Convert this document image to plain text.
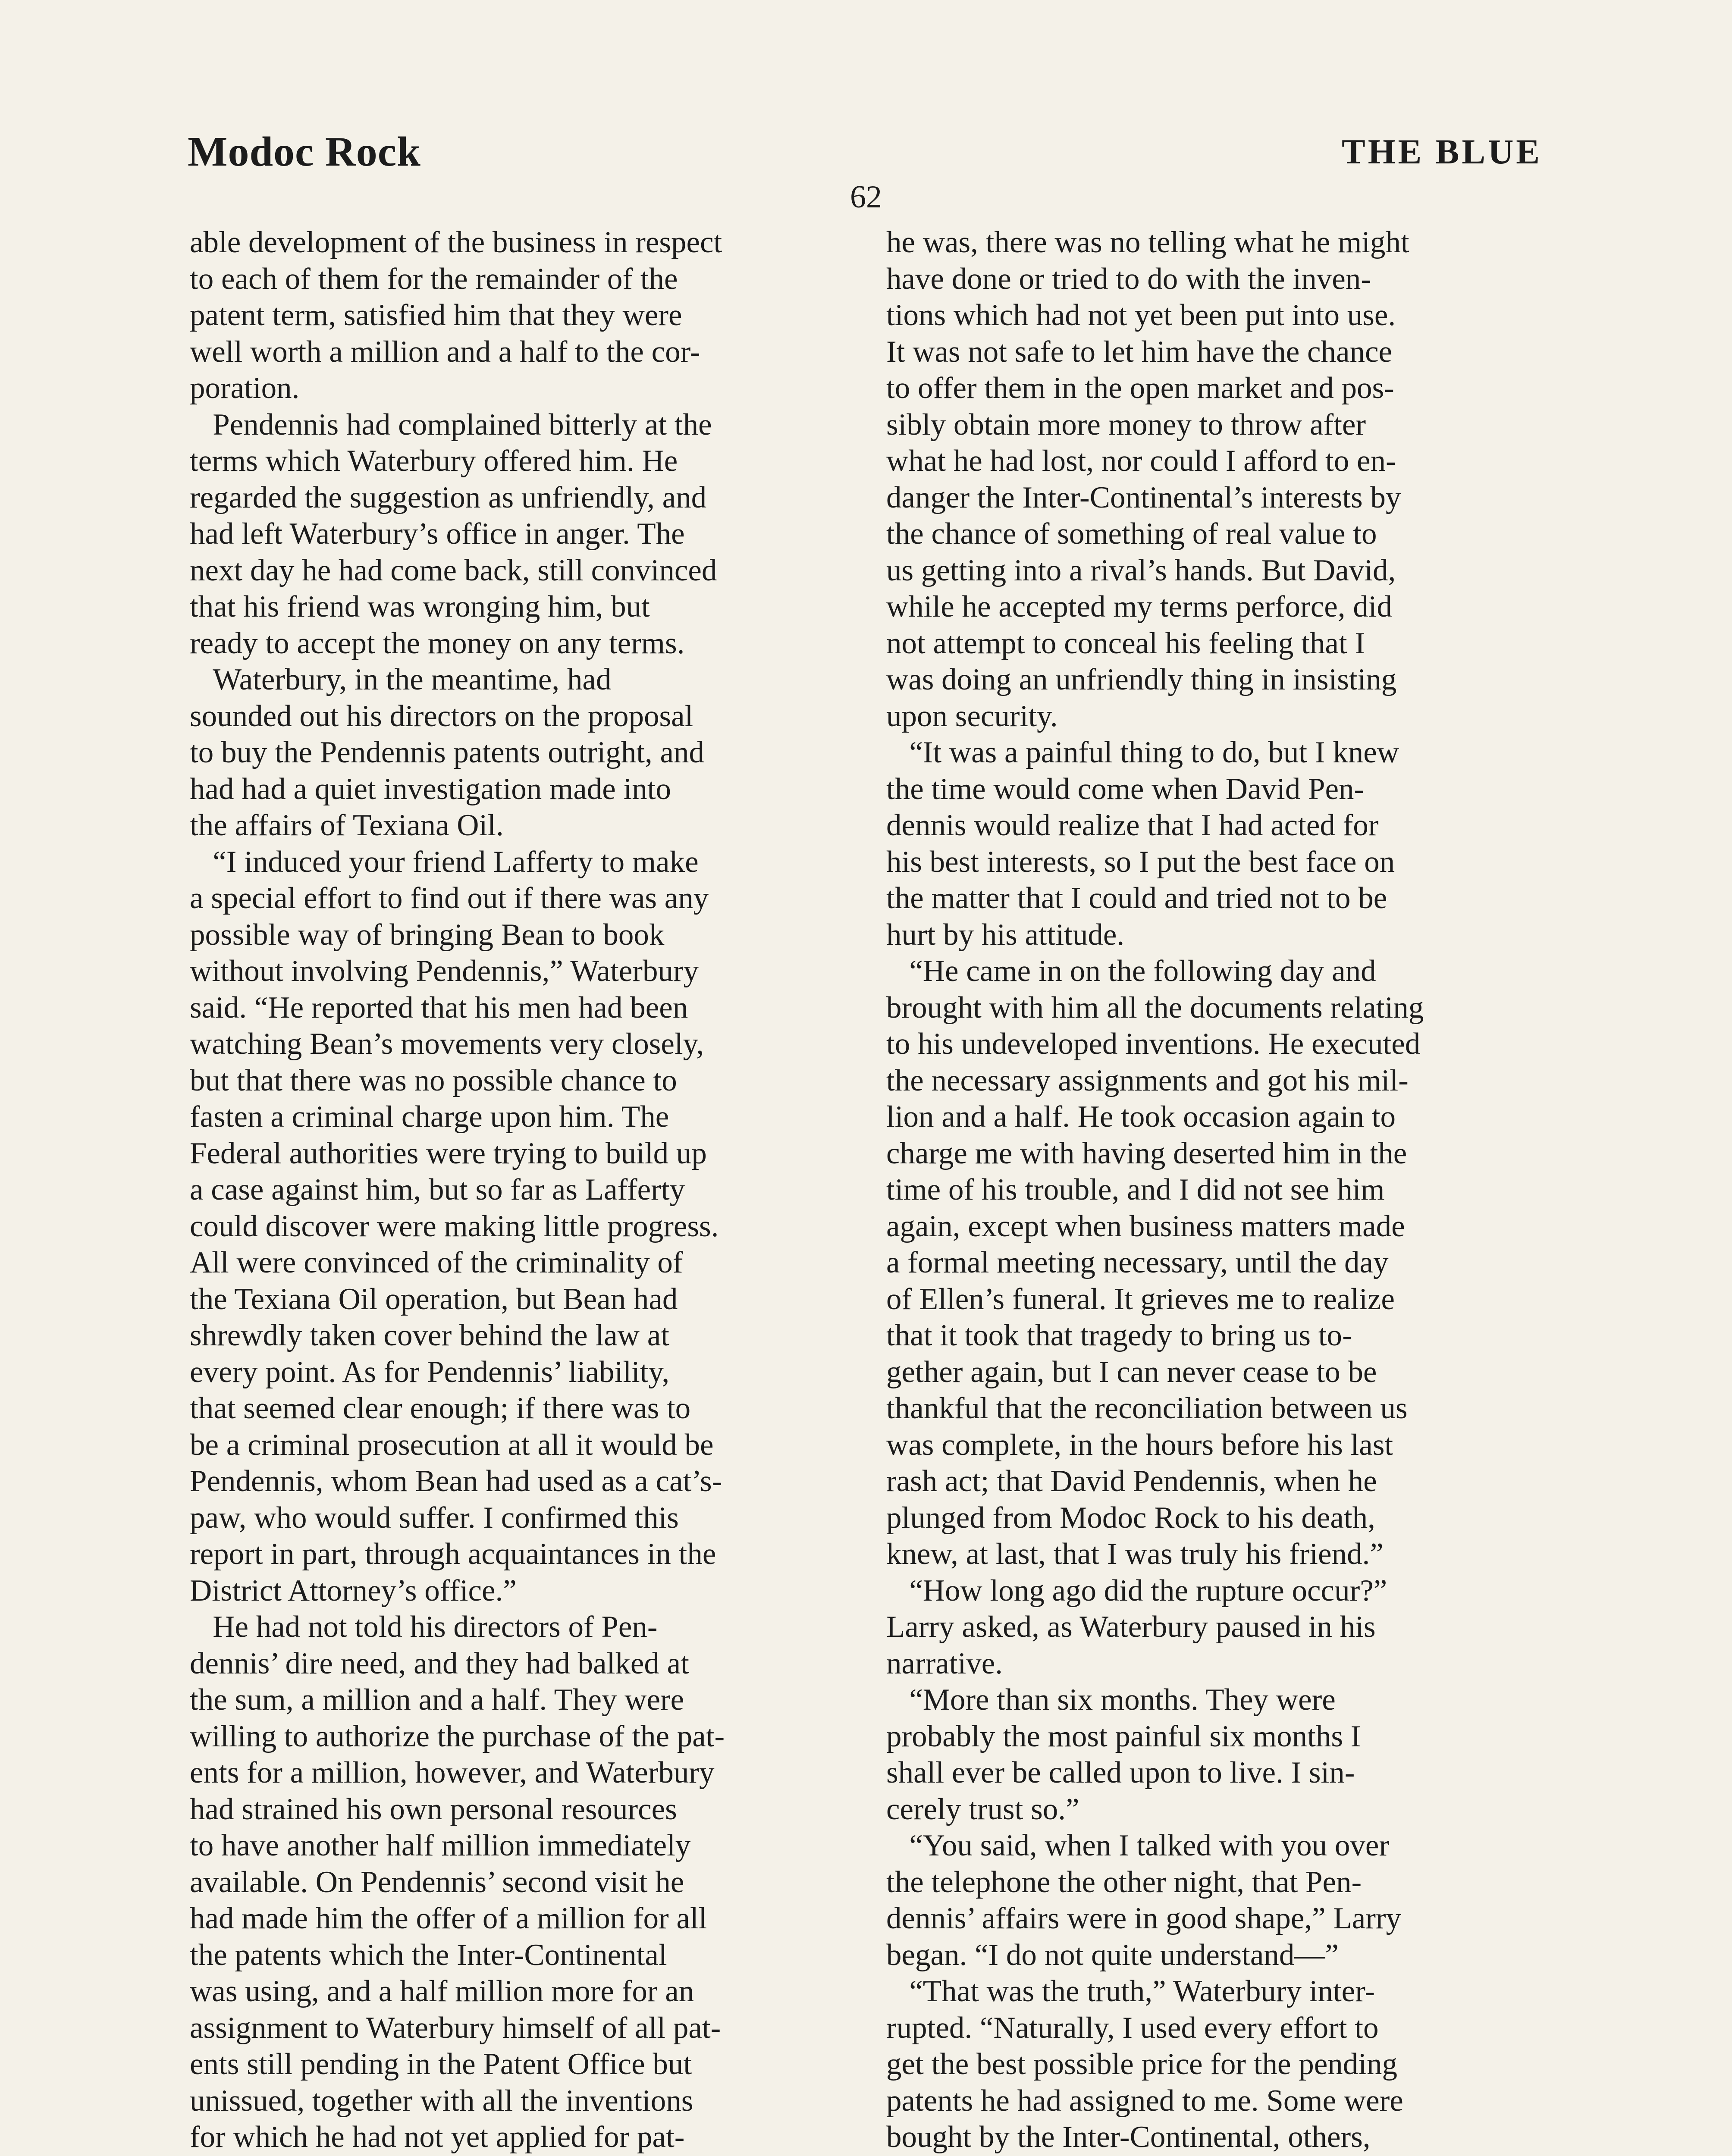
Modoc Rock	THE BLUE
62
able development of the business in respect
to each of them for the remainder of the
patent term, satisfied him that they were
well worth a million and a half to the cor-
poration.
Pendennis had complained bitterly at the
terms which Waterbury offered him. He
regarded the suggestion as unfriendly, and
had left Waterbury’s office in anger. The
next day he had come back, still convinced
that his friend was wronging him, but
ready to accept the money on any terms.
Waterbury, in the meantime, had
sounded out his directors on the proposal
to buy the Pendennis patents outright, and
had had a quiet investigation made into
the affairs of Texiana Oil.
“I induced your friend Lafferty to make
a special effort to find out if there was any
possible way of bringing Bean to book
without involving Pendennis,” Waterbury
said. “He reported that his men had been
watching Bean’s movements very closely,
but that there was no possible chance to
fasten a criminal charge upon him. The
Federal authorities were trying to build up
a case against him, but so far as Lafferty
could discover were making little progress.
All were convinced of the criminality of
the Texiana Oil operation, but Bean had
shrewdly taken cover behind the law at
every point. As for Pendennis’ liability,
that seemed clear enough; if there was to
be a criminal prosecution at all it would be
Pendennis, whom Bean had used as a cat’s-
paw, who would suffer. I confirmed this
report in part, through acquaintances in the
District Attorney’s office.”
He had not told his directors of Pen-
dennis’ dire need, and they had balked at
the sum, a million and a half. They were
willing to authorize the purchase of the pat-
ents for a million, however, and Waterbury
had strained his own personal resources
to have another half million immediately
available. On Pendennis’ second visit he
had made him the offer of a million for all
the patents which the Inter-Continental
was using, and a half million more for an
assignment to Waterbury himself of all pat-
ents still pending in the Patent Office but
unissued, together with all the inventions
for which he had not yet applied for pat-
he was, there was no telling what he might
have done or tried to do with the inven-
tions which had not yet been put into use.
It was not safe to let him have the chance
to offer them in the open market and pos-
sibly obtain more money to throw after
what he had lost, nor could I afford to en-
danger the Inter-Continental’s interests by
the chance of something of real value to
us getting into a rival’s hands. But David,
while he accepted my terms perforce, did
not attempt to conceal his feeling that I
was doing an unfriendly thing in insisting
upon security.
“It was a painful thing to do, but I knew
the time would come when David Pen-
dennis would realize that I had acted for
his best interests, so I put the best face on
the matter that I could and tried not to be
hurt by his attitude.
“He came in on the following day and
brought with him all the documents relating
to his undeveloped inventions. He executed
the necessary assignments and got his mil-
lion and a half. He took occasion again to
charge me with having deserted him in the
time of his trouble, and I did not see him
again, except when business matters made
a formal meeting necessary, until the day
of Ellen’s funeral. It grieves me to realize
that it took that tragedy to bring us to-
gether again, but I can never cease to be
thankful that the reconciliation between us
was complete, in the hours before his last
rash act; that David Pendennis, when he
plunged from Modoc Rock to his death,
knew, at last, that I was truly his friend.”
“How long ago did the rupture occur?”
Larry asked, as Waterbury paused in his
narrative.
“More than six months. They were
probably the most painful six months I
shall ever be called upon to live. I sin-
cerely trust so.”
“You said, when I talked with you over
the telephone the other night, that Pen-
dennis’ affairs were in good shape,” Larry
began. “I do not quite understand—”
“That was the truth,” Waterbury inter-
rupted. “Naturally, I used every effort to
get the best possible price for the pending
patents he had assigned to me. Some were
bought by the Inter-Continental, others,
